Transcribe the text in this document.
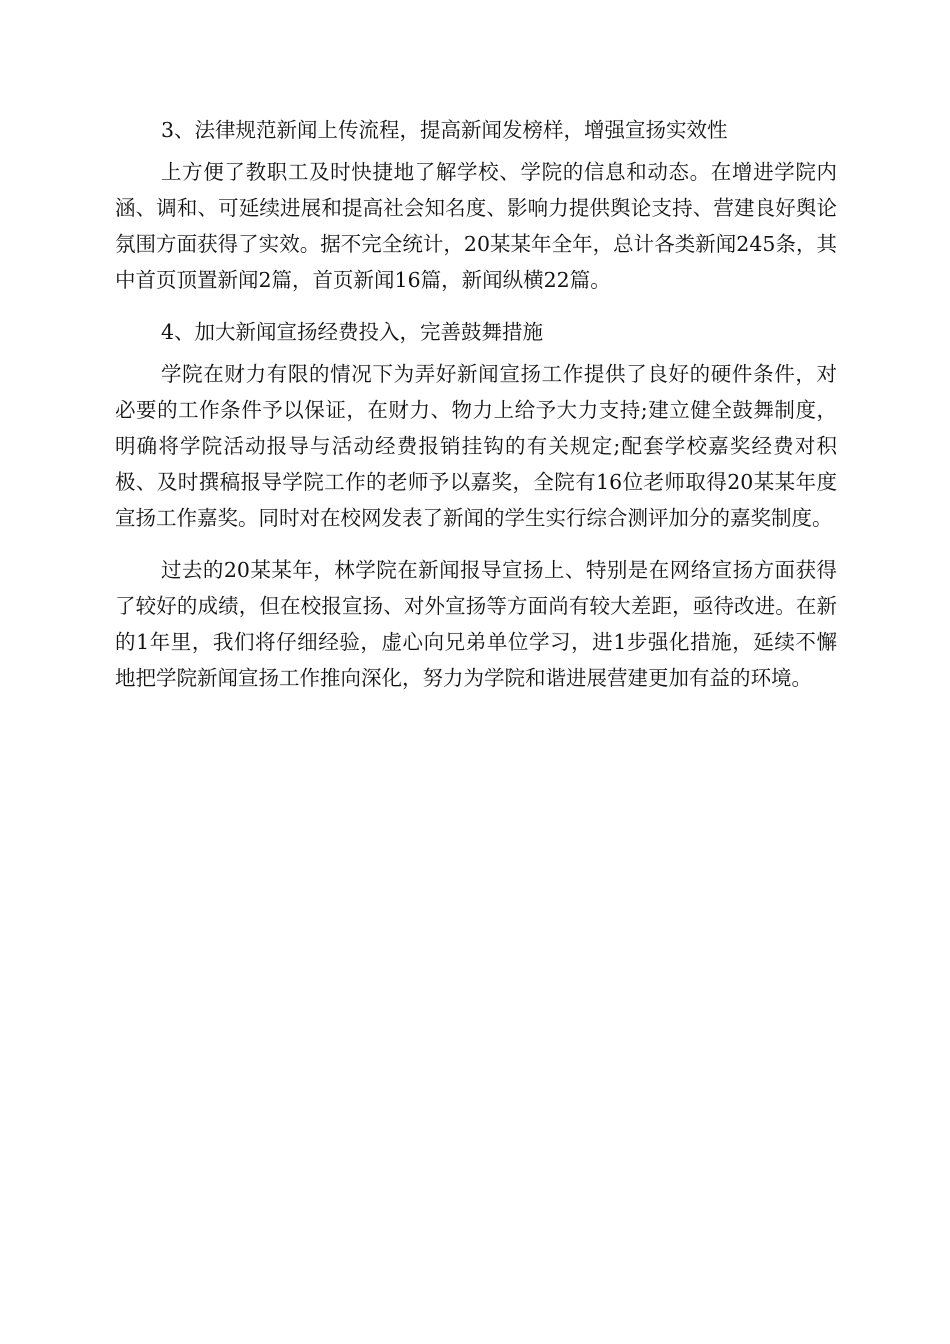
3、法律规范新闻上传流程，提高新闻发榜样，增强宣扬实效性

上方便了教职工及时快捷地了解学校、学院的信息和动态。在增进学院内涵、调和、可延续进展和提高社会知名度、影响力提供舆论支持、营建良好舆论氛围方面获得了实效。据不完全统计，20某某年全年，总计各类新闻245条，其中首页顶置新闻2篇，首页新闻16篇，新闻纵横22篇。

4、加大新闻宣扬经费投入，完善鼓舞措施

学院在财力有限的情况下为弄好新闻宣扬工作提供了良好的硬件条件，对必要的工作条件予以保证，在财力、物力上给予大力支持;建立健全鼓舞制度，明确将学院活动报导与活动经费报销挂钩的有关规定;配套学校嘉奖经费对积极、及时撰稿报导学院工作的老师予以嘉奖，全院有16位老师取得20某某年度宣扬工作嘉奖。同时对在校网发表了新闻的学生实行综合测评加分的嘉奖制度。

过去的20某某年，林学院在新闻报导宣扬上、特别是在网络宣扬方面获得了较好的成绩，但在校报宣扬、对外宣扬等方面尚有较大差距，亟待改进。在新的1年里，我们将仔细经验，虚心向兄弟单位学习，进1步强化措施，延续不懈地把学院新闻宣扬工作推向深化，努力为学院和谐进展营建更加有益的环境。
